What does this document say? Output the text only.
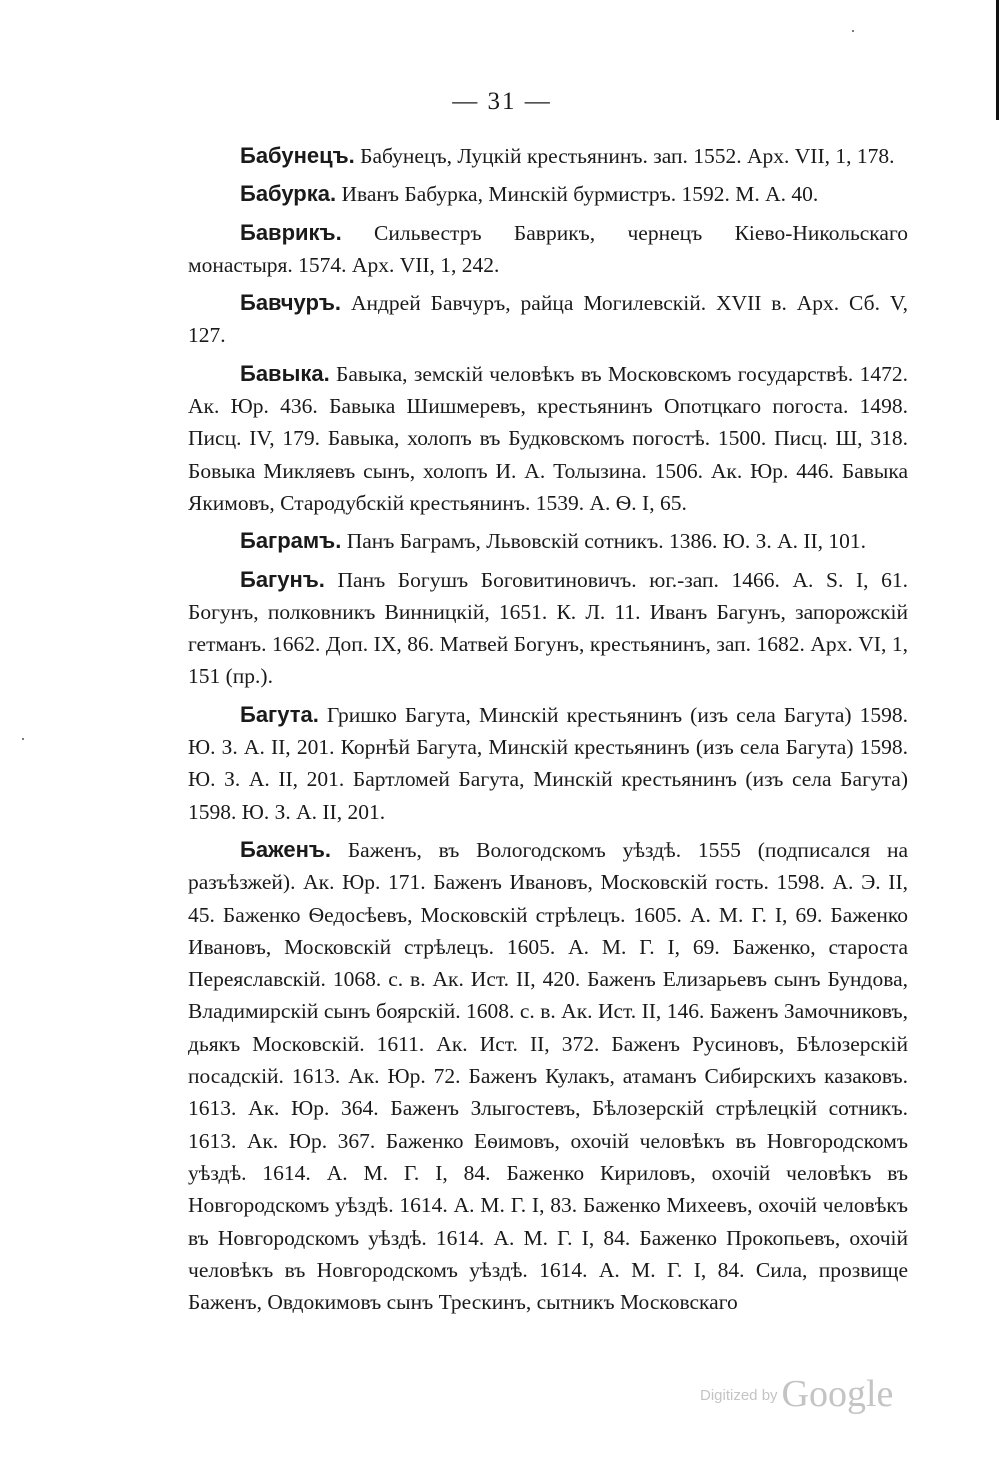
— 31 —

Бабунецъ. Бабунецъ, Луцкій крестьянинъ. зап. 1552. Арх. VII, 1, 178.

Бабурка. Иванъ Бабурка, Минскій бурмистръ. 1592. М. А. 40.

Баврикъ. Сильвестръ Баврикъ, чернецъ Кіево-Никольскаго монастыря. 1574. Арх. VII, 1, 242.

Бавчуръ. Андрей Бавчуръ, райца Могилевскій. XVII в. Арх. Сб. V, 127.

Бавыка. Бавыка, земскій человѣкъ въ Московскомъ государствѣ. 1472. Ак. Юр. 436. Бавыка Шишмеревъ, крестьянинъ Опотцкаго погоста. 1498. Писц. IV, 179. Бавыка, холопъ въ Будковскомъ погостѣ. 1500. Писц. Ш, 318. Бовыка Микляевъ сынъ, холопъ И. А. Толызина. 1506. Ак. Юр. 446. Бавыка Якимовъ, Стародубскій крестьянинъ. 1539. А. Ѳ. I, 65.

Баграмъ. Панъ Баграмъ, Львовскій сотникъ. 1386. Ю. З. А. II, 101.

Багунъ. Панъ Богушъ Боговитиновичъ. юг.-зап. 1466. A. S. I, 61. Богунъ, полковникъ Винницкій, 1651. К. Л. 11. Иванъ Багунъ, запорожскій гетманъ. 1662. Доп. IX, 86. Матвей Богунъ, крестьянинъ, зап. 1682. Арх. VI, 1, 151 (пр.).

Багута. Гришко Багута, Минскій крестьянинъ (изъ села Багута) 1598. Ю. З. А. II, 201. Корнѣй Багута, Минскій крестьянинъ (изъ села Багута) 1598. Ю. З. А. II, 201. Бартломей Багута, Минскій крестьянинъ (изъ села Багута) 1598. Ю. З. А. II, 201.

Баженъ. Баженъ, въ Вологодскомъ уѣздѣ. 1555 (подписался на разъѣзжей). Ак. Юр. 171. Баженъ Ивановъ, Московскій гость. 1598. А. Э. II, 45. Баженко Ѳедосѣевъ, Московскій стрѣлецъ. 1605. А. М. Г. I, 69. Баженко Ивановъ, Московскій стрѣлецъ. 1605. А. М. Г. I, 69. Баженко, староста Переяславскій. 1068. с. в. Ак. Ист. II, 420. Баженъ Елизарьевъ сынъ Бундова, Владимирскій сынъ боярскій. 1608. с. в. Ак. Ист. II, 146. Баженъ Замочниковъ, дьякъ Московскій. 1611. Ак. Ист. II, 372. Баженъ Русиновъ, Бѣлозерскій посадскій. 1613. Ак. Юр. 72. Баженъ Кулакъ, атаманъ Сибирскихъ казаковъ. 1613. Ак. Юр. 364. Баженъ Злыгостевъ, Бѣлозерскій стрѣлецкій сотникъ. 1613. Ак. Юр. 367. Баженко Еѳимовъ, охочій человѣкъ въ Новгородскомъ уѣздѣ. 1614. А. М. Г. I, 84. Баженко Кириловъ, охочій человѣкъ въ Новгородскомъ уѣздѣ. 1614. А. М. Г. I, 83. Баженко Михеевъ, охочій человѣкъ въ Новгородскомъ уѣздѣ. 1614. А. М. Г. I, 84. Баженко Прокопьевъ, охочій человѣкъ въ Новгородскомъ уѣздѣ. 1614. А. М. Г. I, 84. Сила, прозвище Баженъ, Овдокимовъ сынъ Трескинъ, сытникъ Московскаго

Digitized by Google
